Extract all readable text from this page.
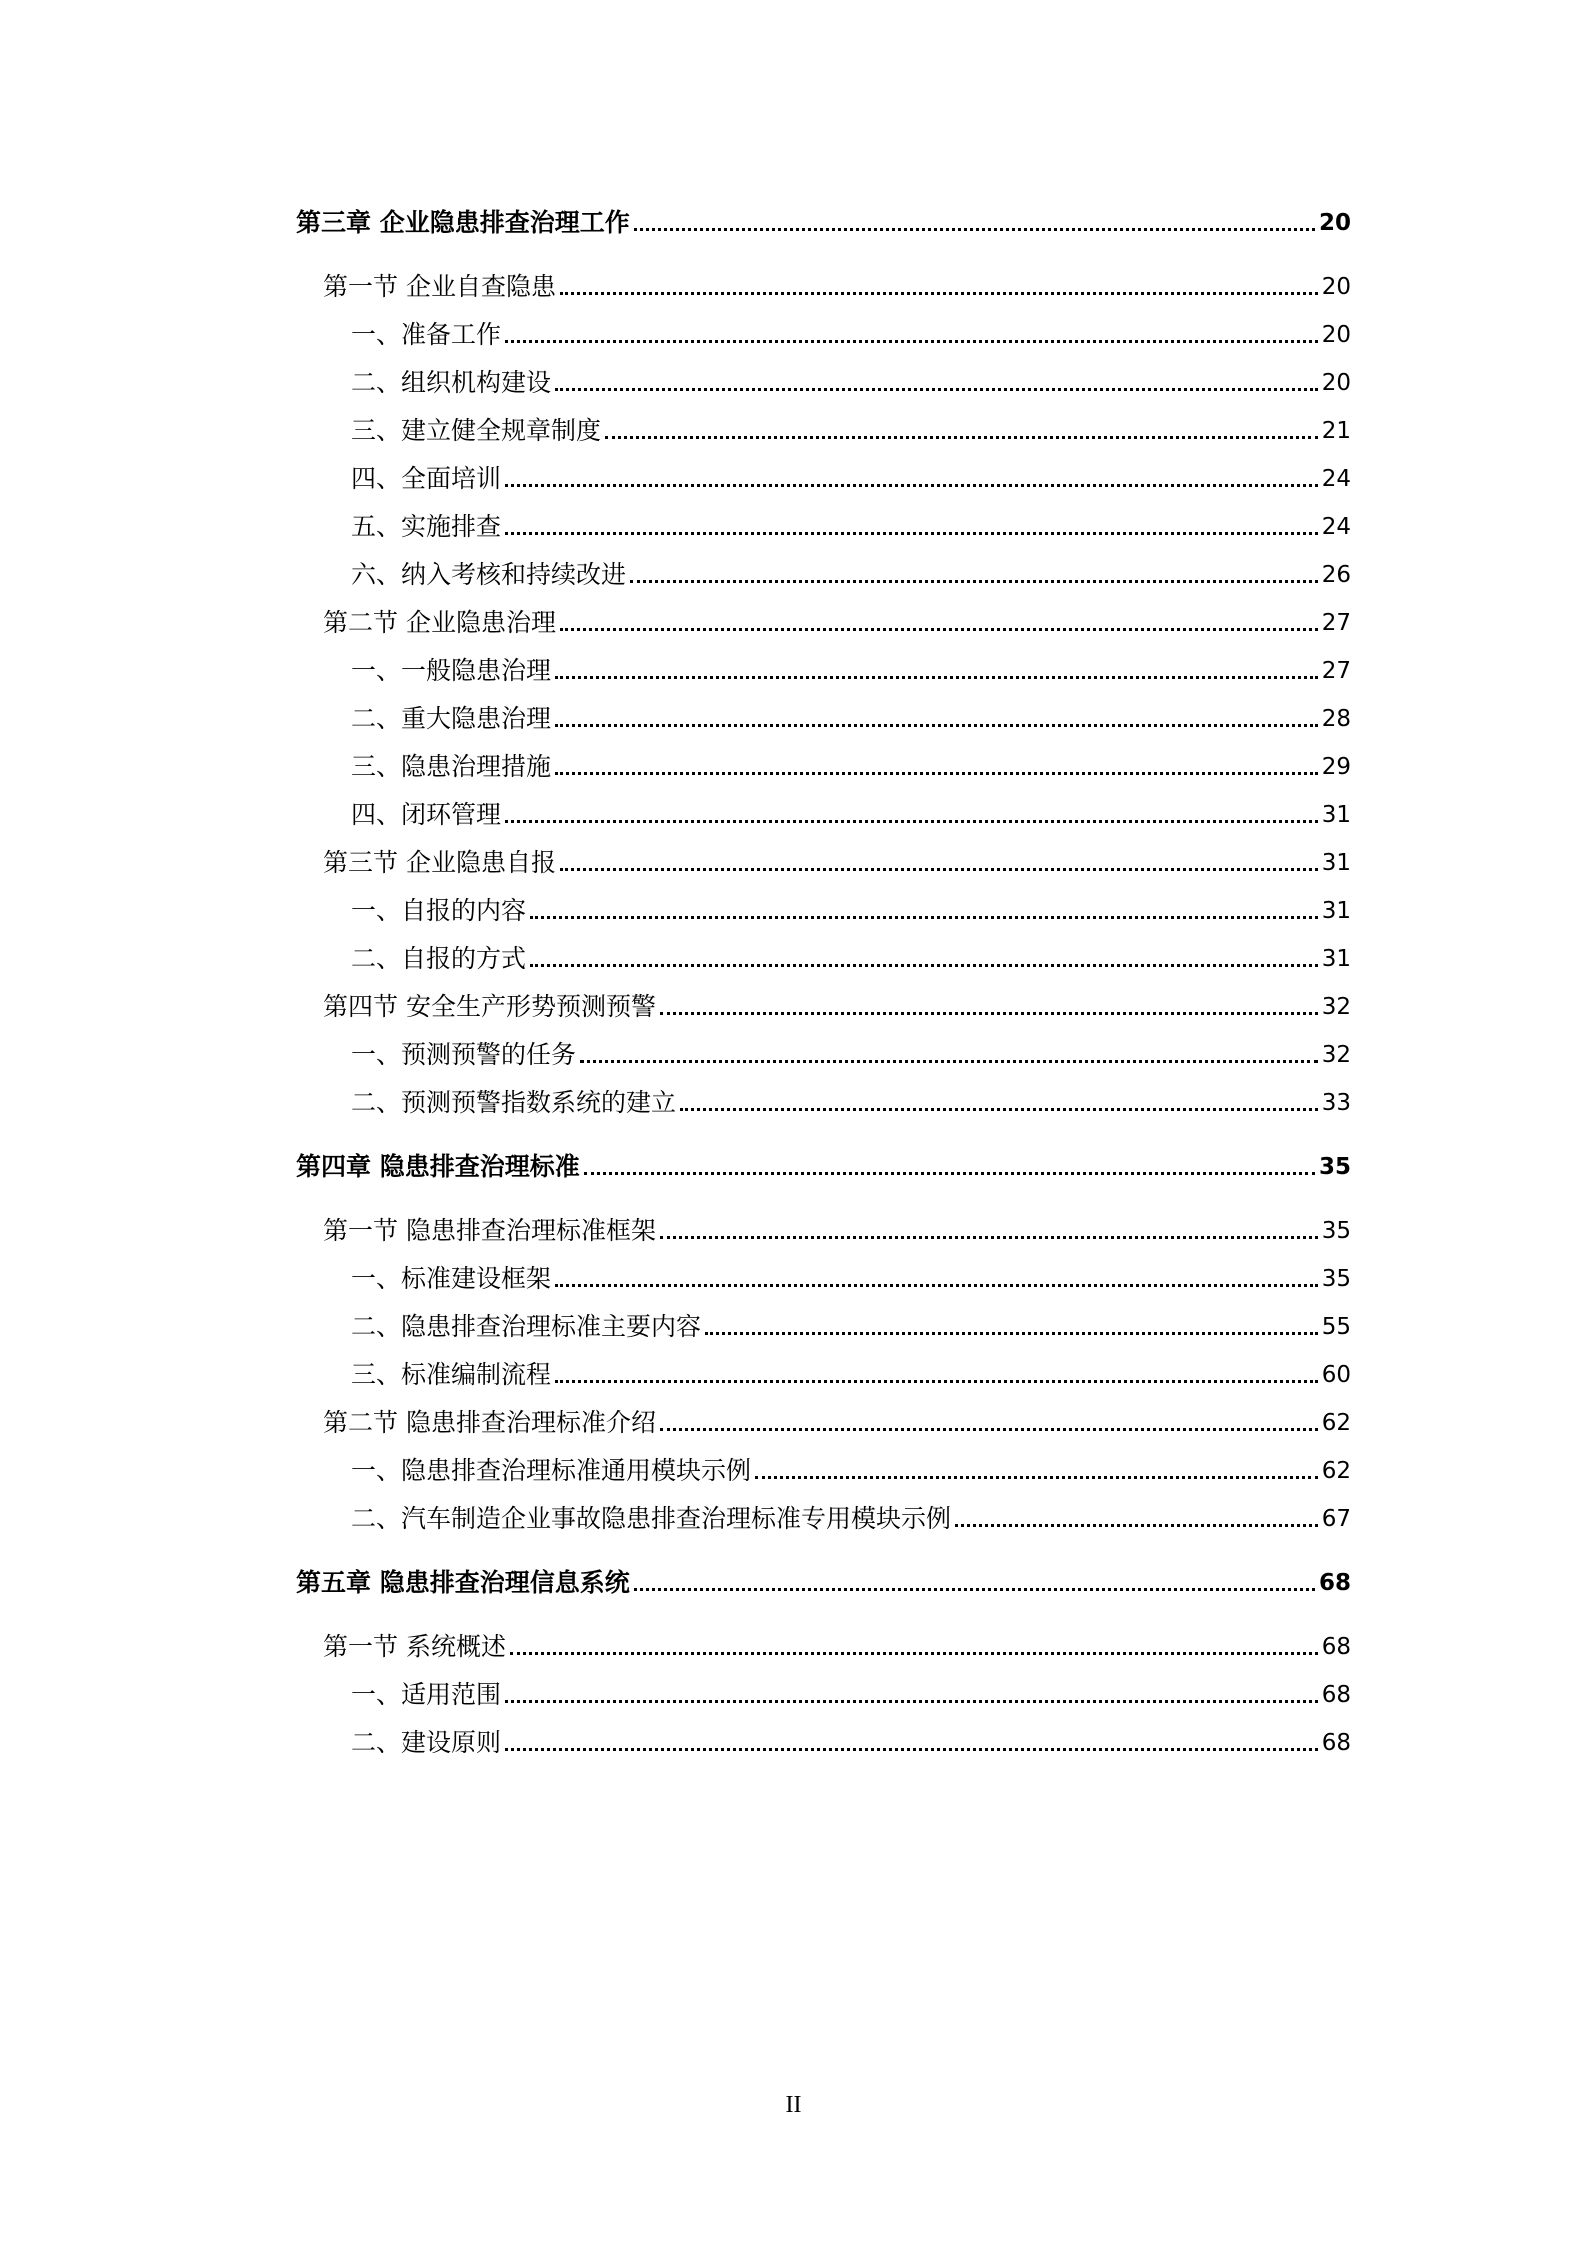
第三章 企业隐患排查治理工作	20
第一节 企业自查隐患	20
一、准备工作	20
二、组织机构建设	20
三、建立健全规章制度	21
四、全面培训	24
五、实施排查	24
六、纳入考核和持续改进	26
第二节 企业隐患治理	27
一、一般隐患治理	27
二、重大隐患治理	28
三、隐患治理措施	29
四、闭环管理	31
第三节 企业隐患自报	31
一、自报的内容	31
二、自报的方式	31
第四节 安全生产形势预测预警	32
一、预测预警的任务	32
二、预测预警指数系统的建立	33
第四章 隐患排查治理标准	35
第一节 隐患排查治理标准框架	35
一、标准建设框架	35
二、隐患排查治理标准主要内容	55
三、标准编制流程	60
第二节 隐患排查治理标准介绍	62
一、隐患排查治理标准通用模块示例	62
二、汽车制造企业事故隐患排查治理标准专用模块示例	67
第五章 隐患排查治理信息系统	68
第一节 系统概述	68
一、适用范围	68
二、建设原则	68
II
